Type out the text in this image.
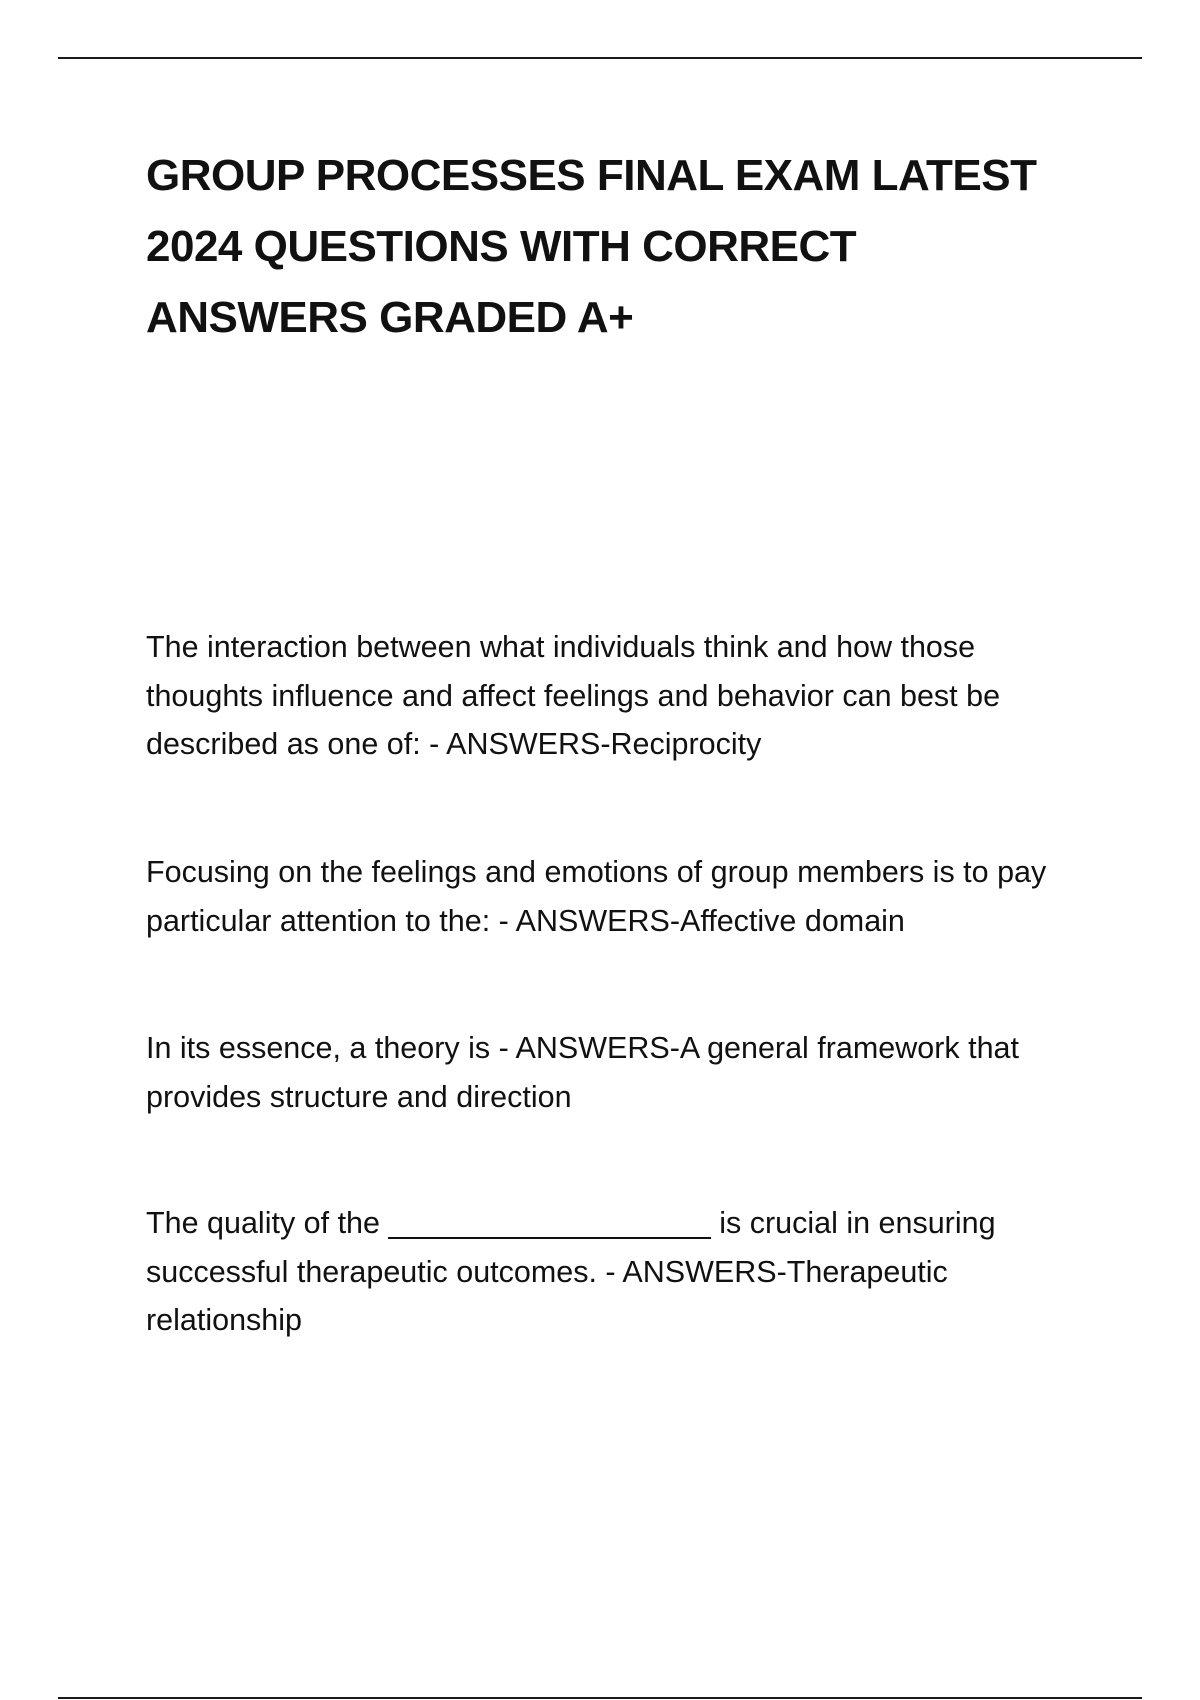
GROUP PROCESSES FINAL EXAM LATEST 2024 QUESTIONS WITH CORRECT ANSWERS GRADED A+

The interaction between what individuals think and how those thoughts influence and affect feelings and behavior can best be described as one of: - ANSWERS-Reciprocity

Focusing on the feelings and emotions of group members is to pay particular attention to the: - ANSWERS-Affective domain

In its essence, a theory is - ANSWERS-A general framework that provides structure and direction

The quality of the ___________________ is crucial in ensuring successful therapeutic outcomes. - ANSWERS-Therapeutic relationship
